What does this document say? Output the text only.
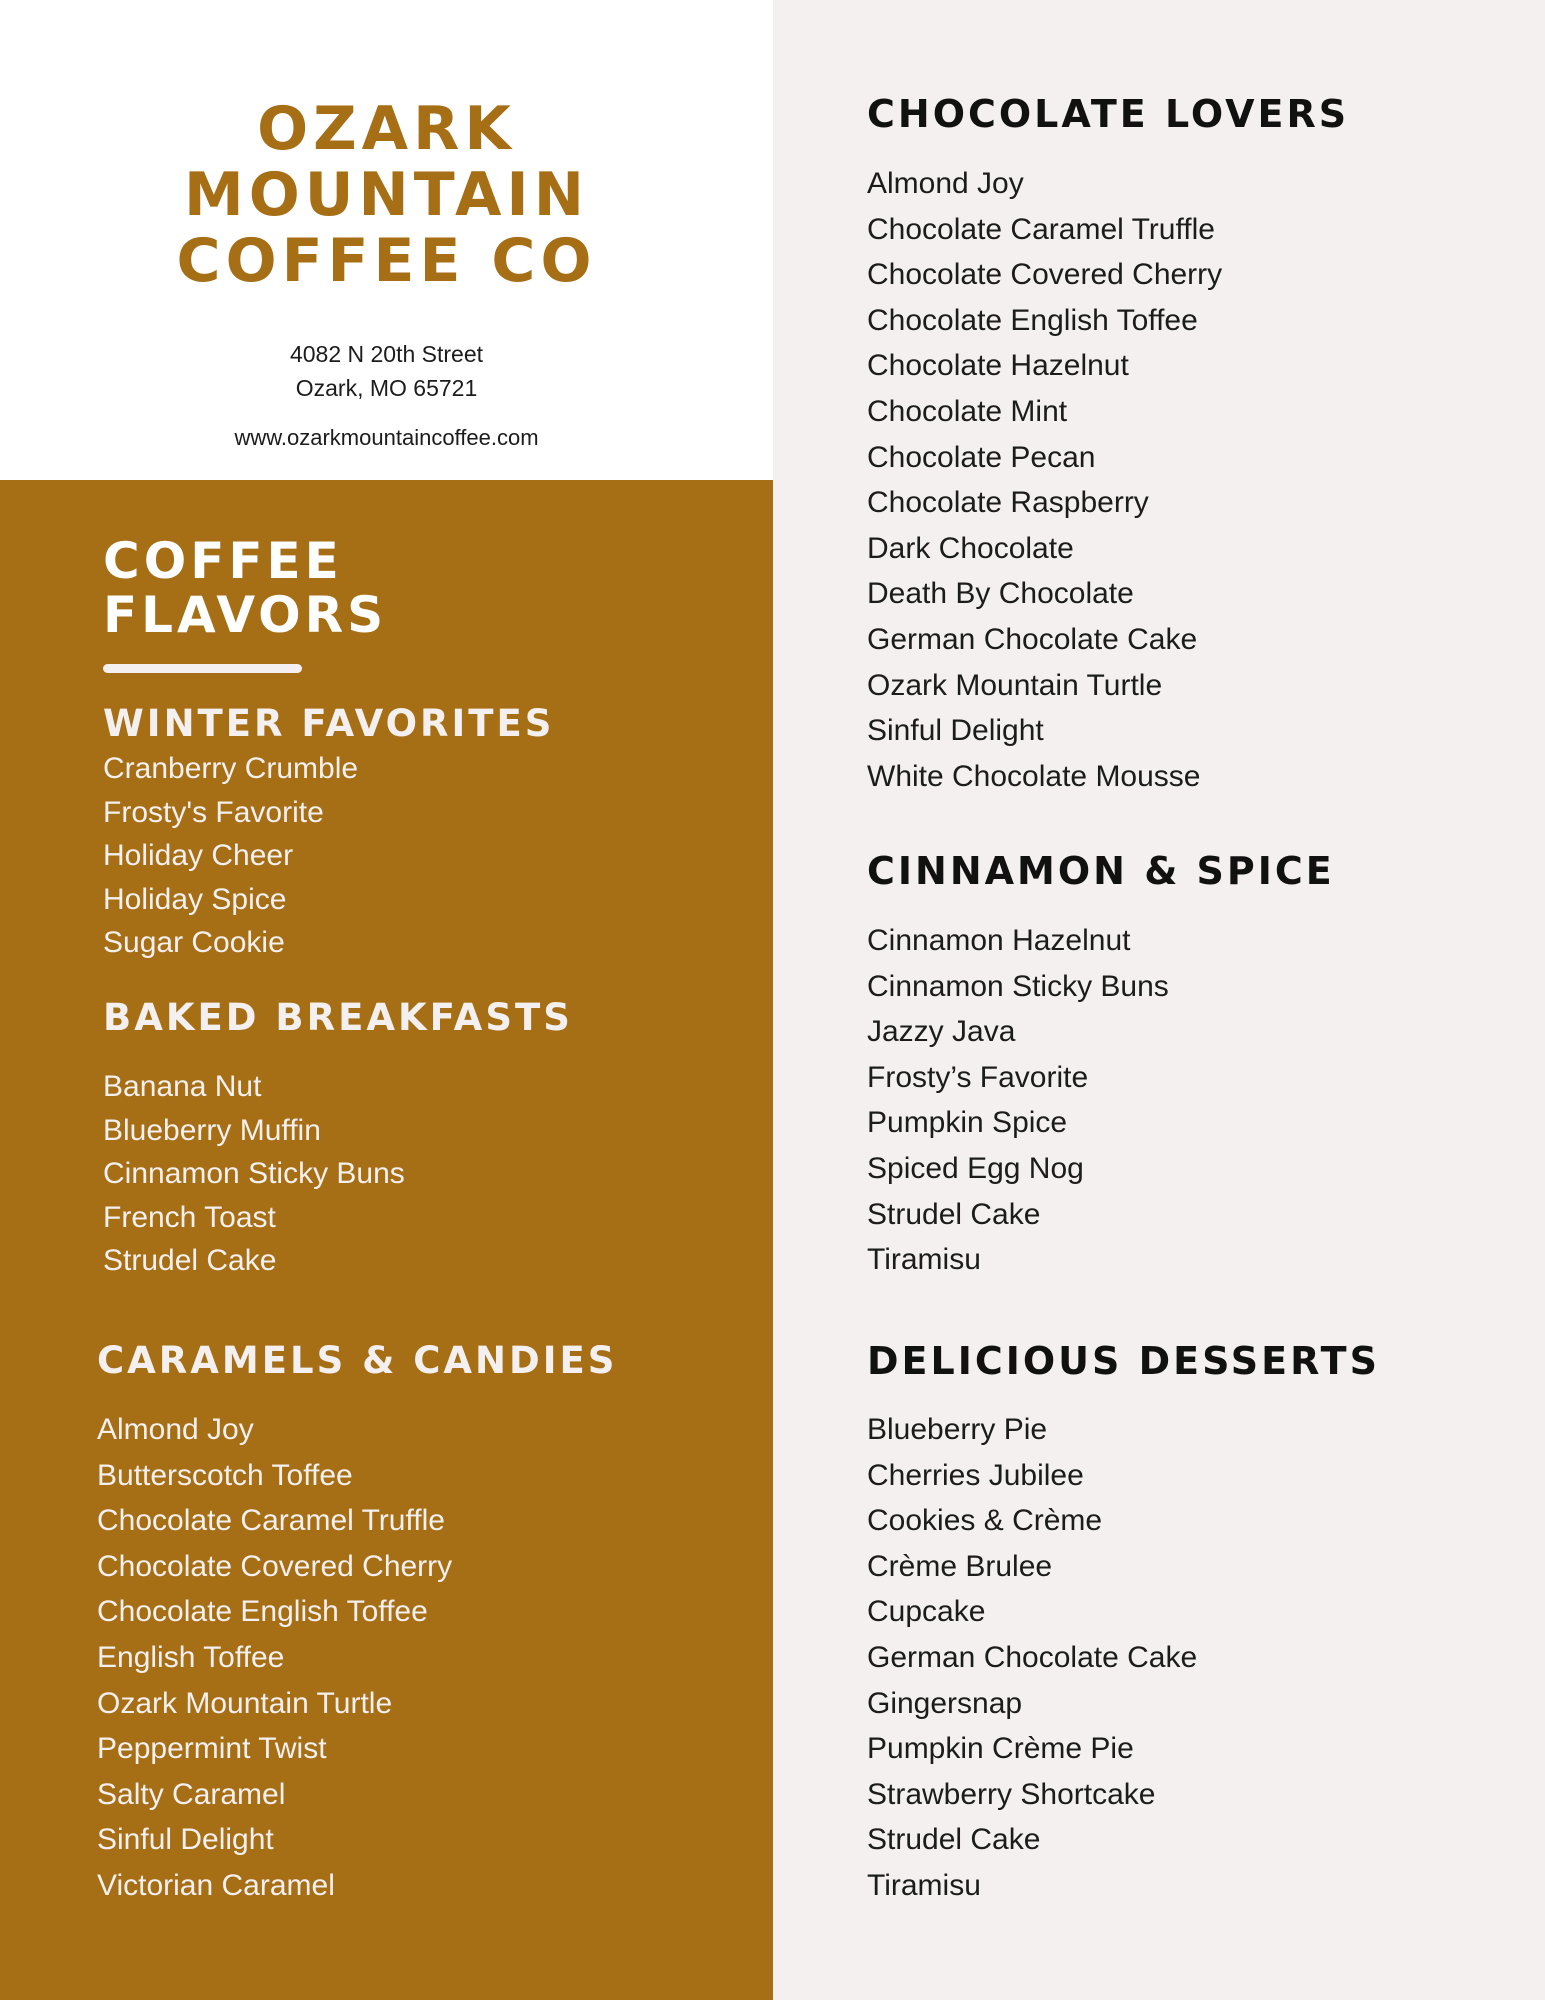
OZARK
MOUNTAIN
COFFEE CO
4082 N 20th Street
Ozark, MO 65721
www.ozarkmountaincoffee.com
COFFEE
FLAVORS
WINTER FAVORITES
Cranberry Crumble
Frosty's Favorite
Holiday Cheer
Holiday Spice
Sugar Cookie
BAKED BREAKFASTS
Banana Nut
Blueberry Muffin
Cinnamon Sticky Buns
French Toast
Strudel Cake
CARAMELS & CANDIES
Almond Joy
Butterscotch Toffee
Chocolate Caramel Truffle
Chocolate Covered Cherry
Chocolate English Toffee
English Toffee
Ozark Mountain Turtle
Peppermint Twist
Salty Caramel
Sinful Delight
Victorian Caramel
CHOCOLATE LOVERS
Almond Joy
Chocolate Caramel Truffle
Chocolate Covered Cherry
Chocolate English Toffee
Chocolate Hazelnut
Chocolate Mint
Chocolate Pecan
Chocolate Raspberry
Dark Chocolate
Death By Chocolate
German Chocolate Cake
Ozark Mountain Turtle
Sinful Delight
White Chocolate Mousse
CINNAMON & SPICE
Cinnamon Hazelnut
Cinnamon Sticky Buns
Jazzy Java
Frosty’s Favorite
Pumpkin Spice
Spiced Egg Nog
Strudel Cake
Tiramisu
DELICIOUS DESSERTS
Blueberry Pie
Cherries Jubilee
Cookies & Crème
Crème Brulee
Cupcake
German Chocolate Cake
Gingersnap
Pumpkin Crème Pie
Strawberry Shortcake
Strudel Cake
Tiramisu
